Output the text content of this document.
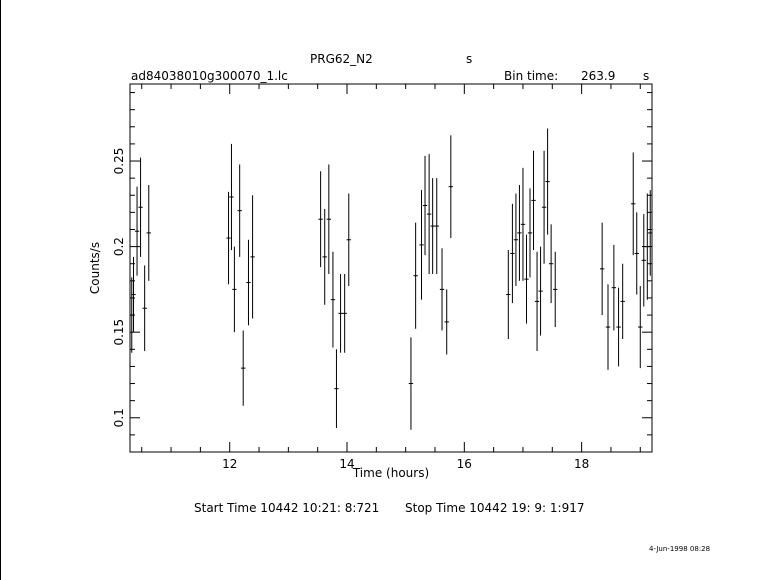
PRG62_N2	s
ad84038010g300070_1.lc	Bin time: 263.9 s
12	14	16	18
0.1
0.15
0.2
0.25
Time (hours)
Counts/s
Start Time 10442 10:21: 8:721 Stop Time 10442 19: 9: 1:917
4-Jun-1998 08:28
